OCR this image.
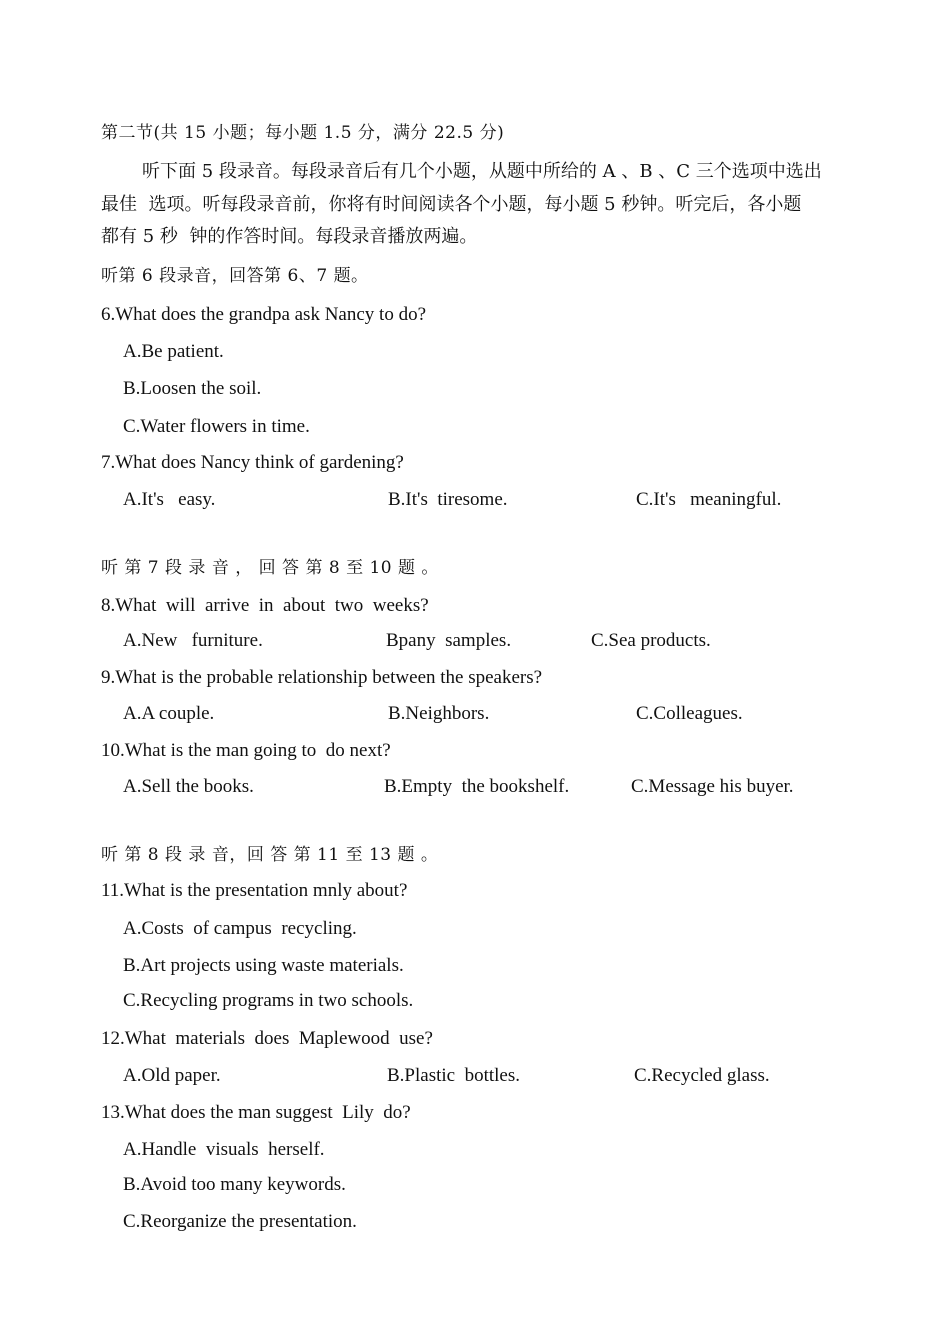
第二节(共 15 小题；每小题 1.5 分，满分 22.5 分)
听下面 5 段录音。每段录音后有几个小题，从题中所给的 A 、B 、C 三个选项中选出
最佳  选项。听每段录音前，你将有时间阅读各个小题，每小题 5 秒钟。听完后，各小题
都有 5 秒  钟的作答时间。每段录音播放两遍。
听第 6 段录音，回答第 6、7 题。
6.What does the grandpa ask Nancy to do?
A.Be patient.
B.Loosen the soil.
C.Water flowers in time.
7.What does Nancy think of gardening?
A.It's   easy.	B.It's  tiresome.	C.It's   meaningful.
听 第 7 段 录 音 ， 回 答 第 8 至 10 题 。
8.What  will  arrive  in  about  two  weeks?
A.New   furniture.	Bpany  samples.	C.Sea products.
9.What is the probable relationship between the speakers?
A.A couple.	B.Neighbors.	C.Colleagues.
10.What is the man going to  do next?
A.Sell the books.	B.Empty  the bookshelf.	C.Message his buyer.
听 第 8 段 录 音，回 答 第 11 至 13 题 。
11.What is the presentation mnly about?
A.Costs  of campus  recycling.
B.Art projects using waste materials.
C.Recycling programs in two schools.
12.What  materials  does  Maplewood  use?
A.Old paper.	B.Plastic  bottles.	C.Recycled glass.
13.What does the man suggest  Lily  do?
A.Handle  visuals  herself.
B.Avoid too many keywords.
C.Reorganize the presentation.
